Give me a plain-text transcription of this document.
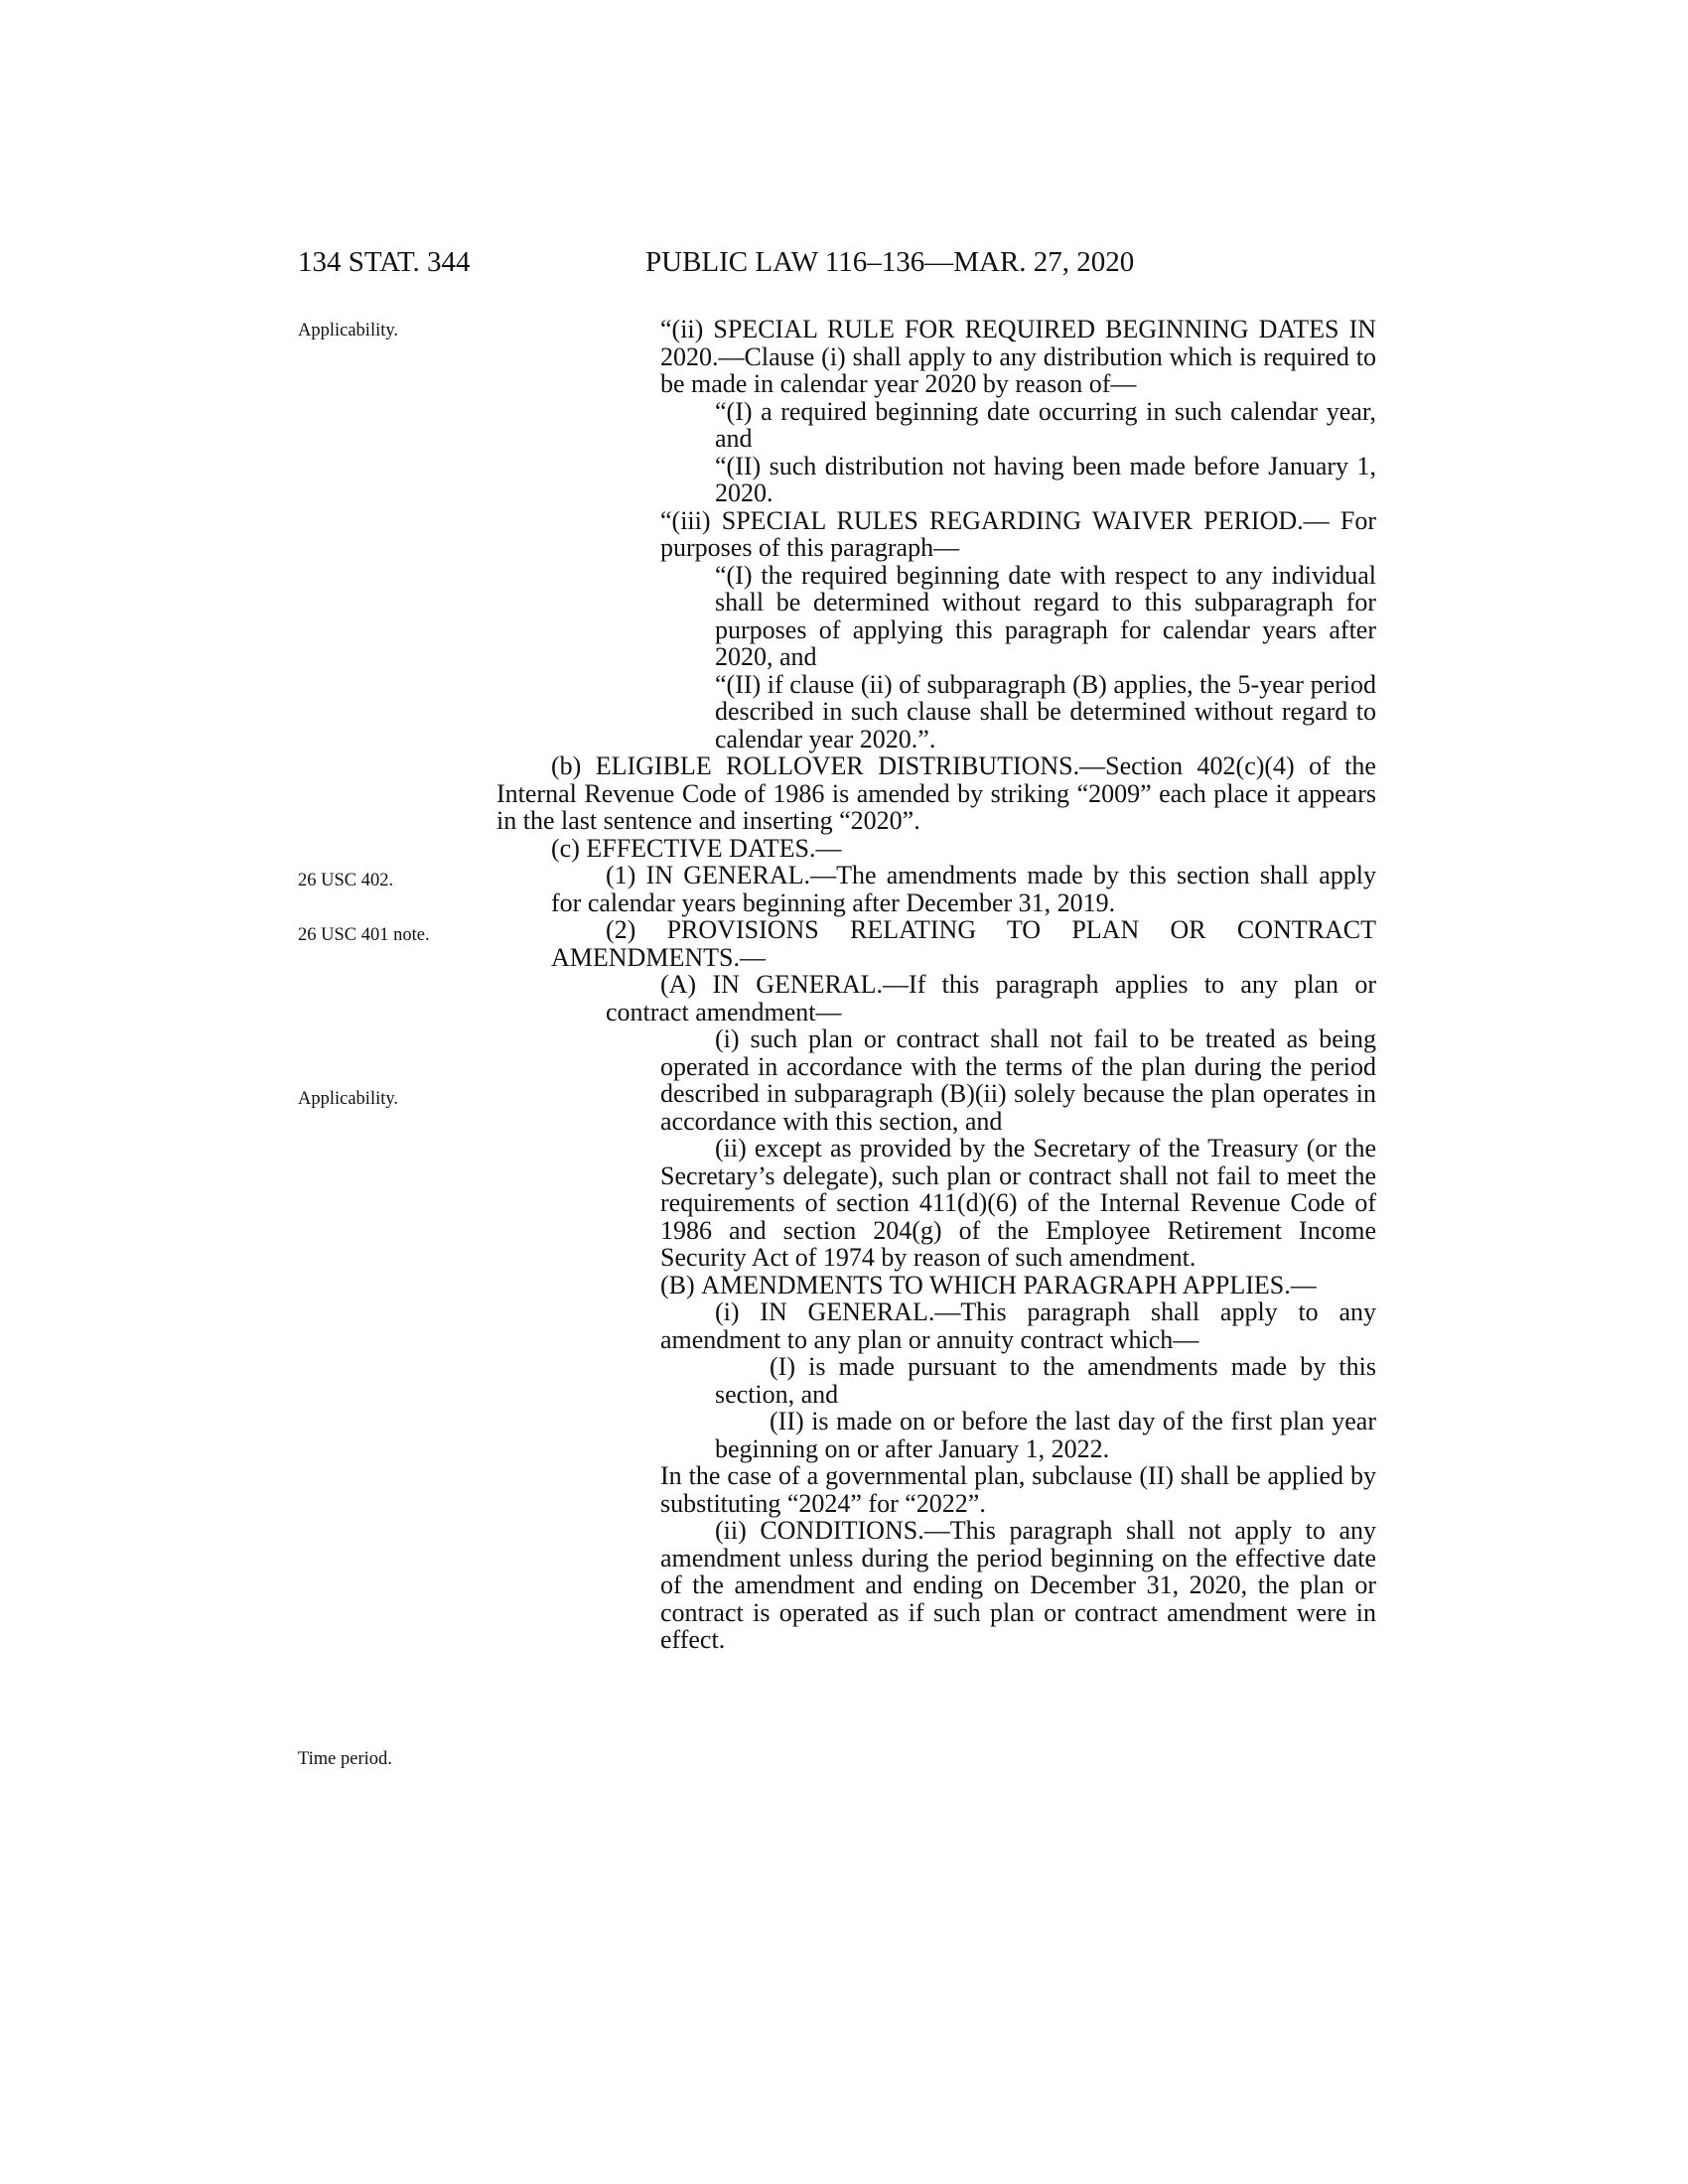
134 STAT. 344	PUBLIC LAW 116–136—MAR. 27, 2020
Applicability.
26 USC 402.
26 USC 401 note.
Applicability.
Time period.

“(ii) SPECIAL RULE FOR REQUIRED BEGINNING DATES IN 2020.—Clause (i) shall apply to any distribution which is required to be made in calendar year 2020 by reason of—

“(I) a required beginning date occurring in such calendar year, and

“(II) such distribution not having been made before January 1, 2020.

“(iii) SPECIAL RULES REGARDING WAIVER PERIOD.— For purposes of this paragraph—

“(I) the required beginning date with respect to any individual shall be determined without regard to this subparagraph for purposes of applying this paragraph for calendar years after 2020, and

“(II) if clause (ii) of subparagraph (B) applies, the 5-year period described in such clause shall be determined without regard to calendar year 2020.”.

(b) ELIGIBLE ROLLOVER DISTRIBUTIONS.—Section 402(c)(4) of the Internal Revenue Code of 1986 is amended by striking “2009” each place it appears in the last sentence and inserting “2020”.

(c) EFFECTIVE DATES.—

(1) IN GENERAL.—The amendments made by this section shall apply for calendar years beginning after December 31, 2019.

(2) PROVISIONS RELATING TO PLAN OR CONTRACT AMENDMENTS.—

(A) IN GENERAL.—If this paragraph applies to any plan or contract amendment—

(i) such plan or contract shall not fail to be treated as being operated in accordance with the terms of the plan during the period described in subparagraph (B)(ii) solely because the plan operates in accordance with this section, and

(ii) except as provided by the Secretary of the Treasury (or the Secretary’s delegate), such plan or contract shall not fail to meet the requirements of section 411(d)(6) of the Internal Revenue Code of 1986 and section 204(g) of the Employee Retirement Income Security Act of 1974 by reason of such amendment.

(B) AMENDMENTS TO WHICH PARAGRAPH APPLIES.—

(i) IN GENERAL.—This paragraph shall apply to any amendment to any plan or annuity contract which—

(I) is made pursuant to the amendments made by this section, and

(II) is made on or before the last day of the first plan year beginning on or after January 1, 2022.

In the case of a governmental plan, subclause (II) shall be applied by substituting “2024” for “2022”.

(ii) CONDITIONS.—This paragraph shall not apply to any amendment unless during the period beginning on the effective date of the amendment and ending on December 31, 2020, the plan or contract is operated as if such plan or contract amendment were in effect.
